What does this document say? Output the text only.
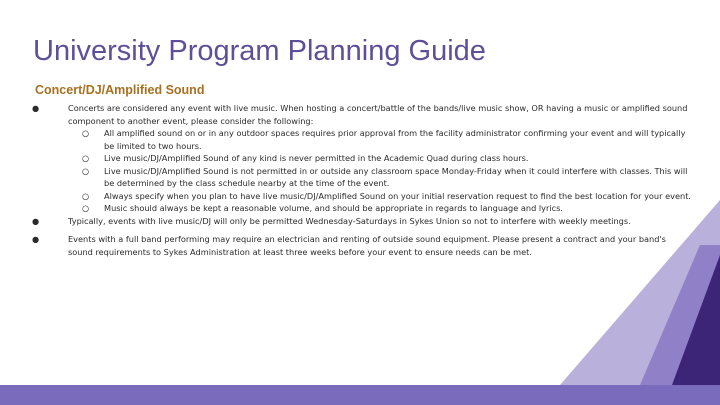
University Program Planning Guide
Concert/DJ/Amplified Sound
●	Concerts are considered any event with live music. When hosting a concert/battle of the bands/live music show, OR having a music or amplified sound component to another event, please consider the following:
○	All amplified sound on or in any outdoor spaces requires prior approval from the facility administrator confirming your event and will typically be limited to two hours.
○	Live music/DJ/Amplified Sound of any kind is never permitted in the Academic Quad during class hours.
○	Live music/DJ/Amplified Sound is not permitted in or outside any classroom space Monday-Friday when it could interfere with classes. This will be determined by the class schedule nearby at the time of the event.
○	Always specify when you plan to have live music/DJ/Amplified Sound on your initial reservation request to find the best location for your event.
○	Music should always be kept a reasonable volume, and should be appropriate in regards to language and lyrics.
●	Typically, events with live music/DJ will only be permitted Wednesday-Saturdays in Sykes Union so not to interfere with weekly meetings.
●	Events with a full band performing may require an electrician and renting of outside sound equipment. Please present a contract and your band's sound requirements to Sykes Administration at least three weeks before your event to ensure needs can be met.
